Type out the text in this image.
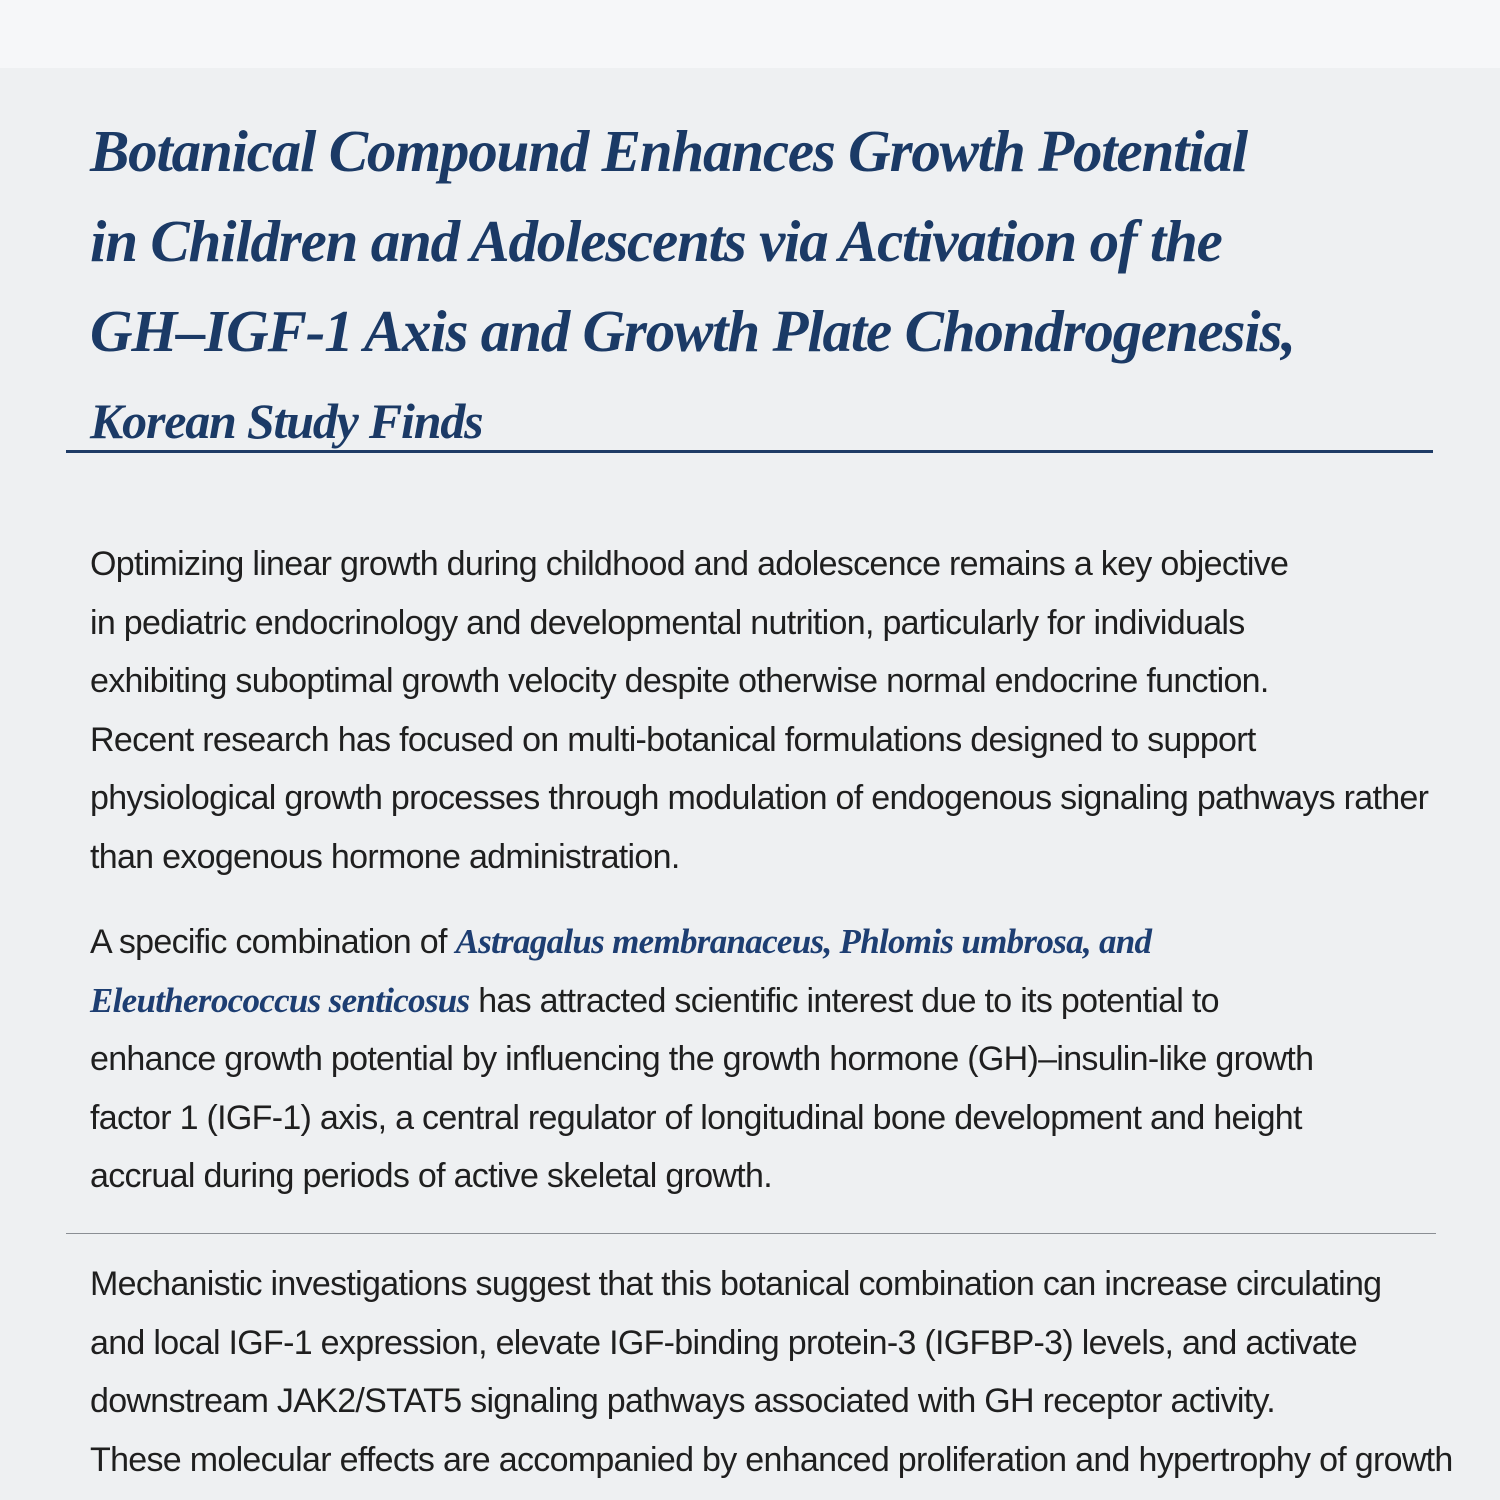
Botanical Compound Enhances Growth Potential
in Children and Adolescents via Activation of the
GH–IGF-1 Axis and Growth Plate Chondrogenesis,
Korean Study Finds

Optimizing linear growth during childhood and adolescence remains a key objective
in pediatric endocrinology and developmental nutrition, particularly for individuals
exhibiting suboptimal growth velocity despite otherwise normal endocrine function.
Recent research has focused on multi-botanical formulations designed to support
physiological growth processes through modulation of endogenous signaling pathways rather
than exogenous hormone administration.

A specific combination of Astragalus membranaceus, Phlomis umbrosa, and
Eleutherococcus senticosus has attracted scientific interest due to its potential to
enhance growth potential by influencing the growth hormone (GH)–insulin-like growth
factor 1 (IGF-1) axis, a central regulator of longitudinal bone development and height
accrual during periods of active skeletal growth.

Mechanistic investigations suggest that this botanical combination can increase circulating
and local IGF-1 expression, elevate IGF-binding protein-3 (IGFBP-3) levels, and activate
downstream JAK2/STAT5 signaling pathways associated with GH receptor activity.
These molecular effects are accompanied by enhanced proliferation and hypertrophy of growth
